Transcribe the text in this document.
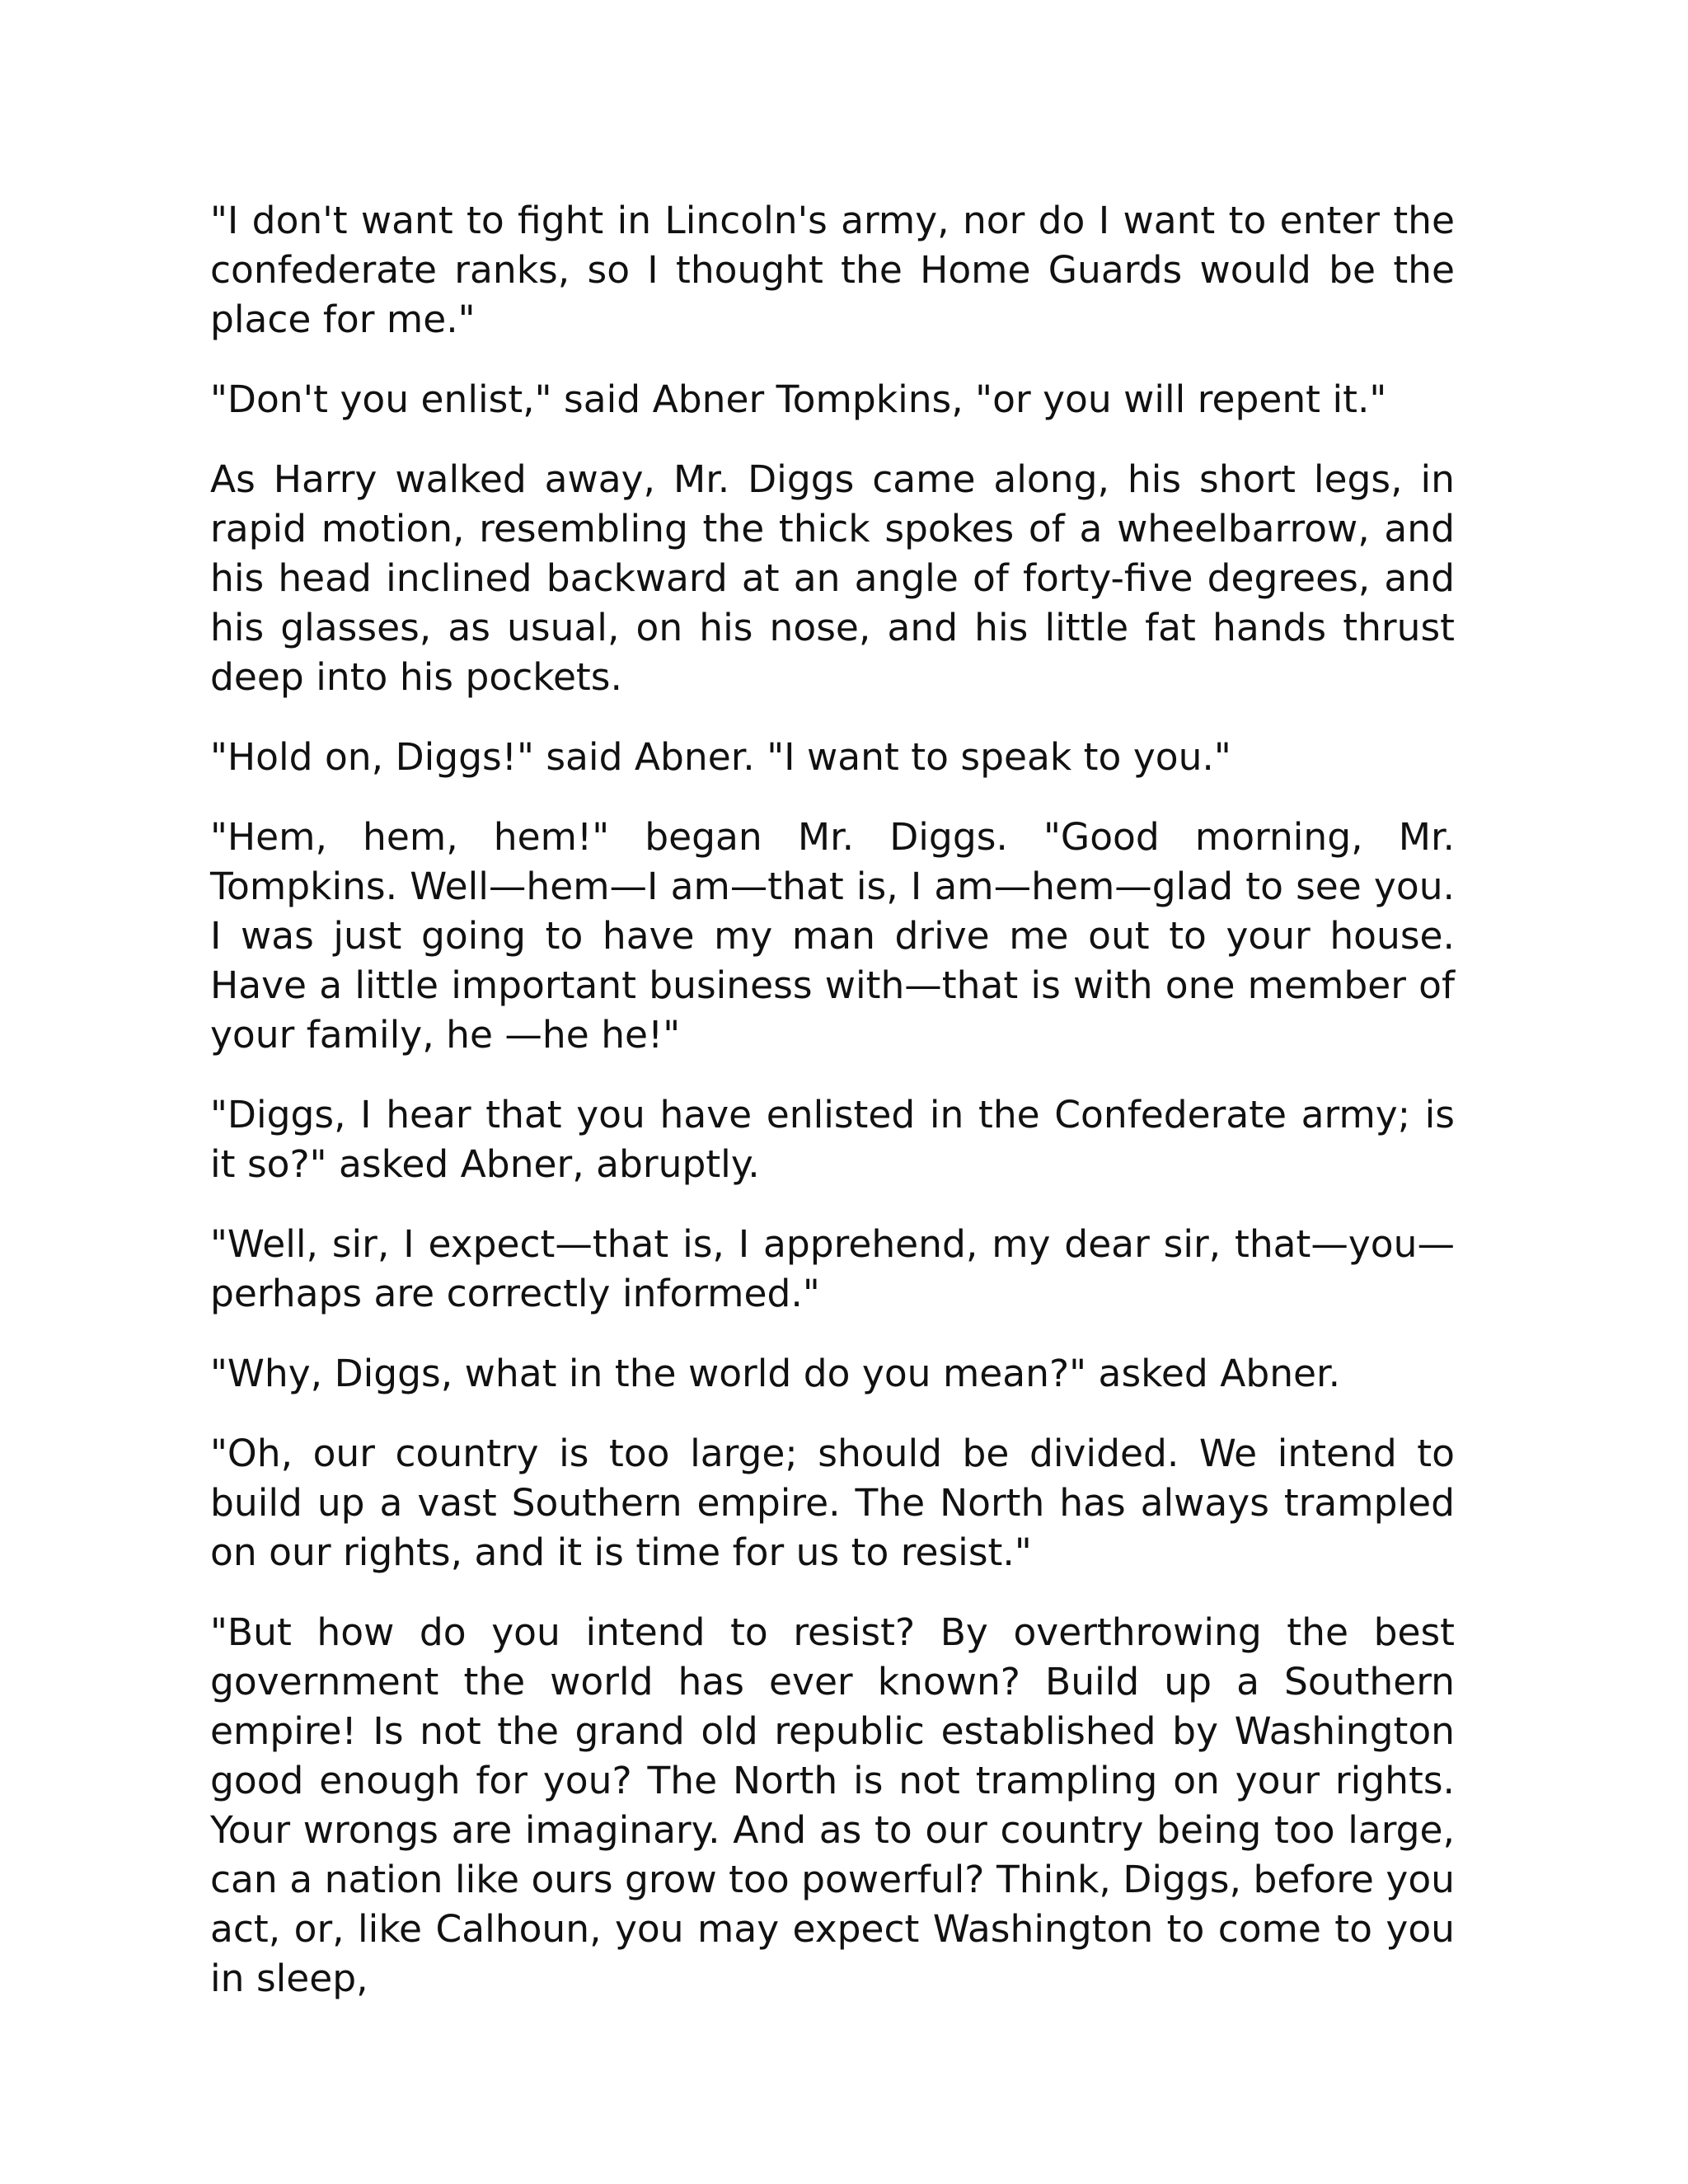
"I don't want to fight in Lincoln's army, nor do I want to enter the confederate ranks, so I thought the Home Guards would be the place for me."

"Don't you enlist," said Abner Tompkins, "or you will repent it."

As Harry walked away, Mr. Diggs came along, his short legs, in rapid motion, resembling the thick spokes of a wheelbarrow, and his head inclined backward at an angle of forty-five degrees, and his glasses, as usual, on his nose, and his little fat hands thrust deep into his pockets.

"Hold on, Diggs!" said Abner. "I want to speak to you."

"Hem, hem, hem!" began Mr. Diggs. "Good morning, Mr. Tompkins. Well—hem—I am—that is, I am—hem—glad to see you. I was just going to have my man drive me out to your house. Have a little important business with—that is with one member of your family, he —he he!"

"Diggs, I hear that you have enlisted in the Confederate army; is it so?" asked Abner, abruptly.

"Well, sir, I expect—that is, I apprehend, my dear sir, that—you— perhaps are correctly informed."

"Why, Diggs, what in the world do you mean?" asked Abner.

"Oh, our country is too large; should be divided. We intend to build up a vast Southern empire. The North has always trampled on our rights, and it is time for us to resist."

"But how do you intend to resist? By overthrowing the best government the world has ever known? Build up a Southern empire! Is not the grand old republic established by Washington good enough for you? The North is not trampling on your rights. Your wrongs are imaginary. And as to our country being too large, can a nation like ours grow too powerful? Think, Diggs, before you act, or, like Calhoun, you may expect Washington to come to you in sleep,
